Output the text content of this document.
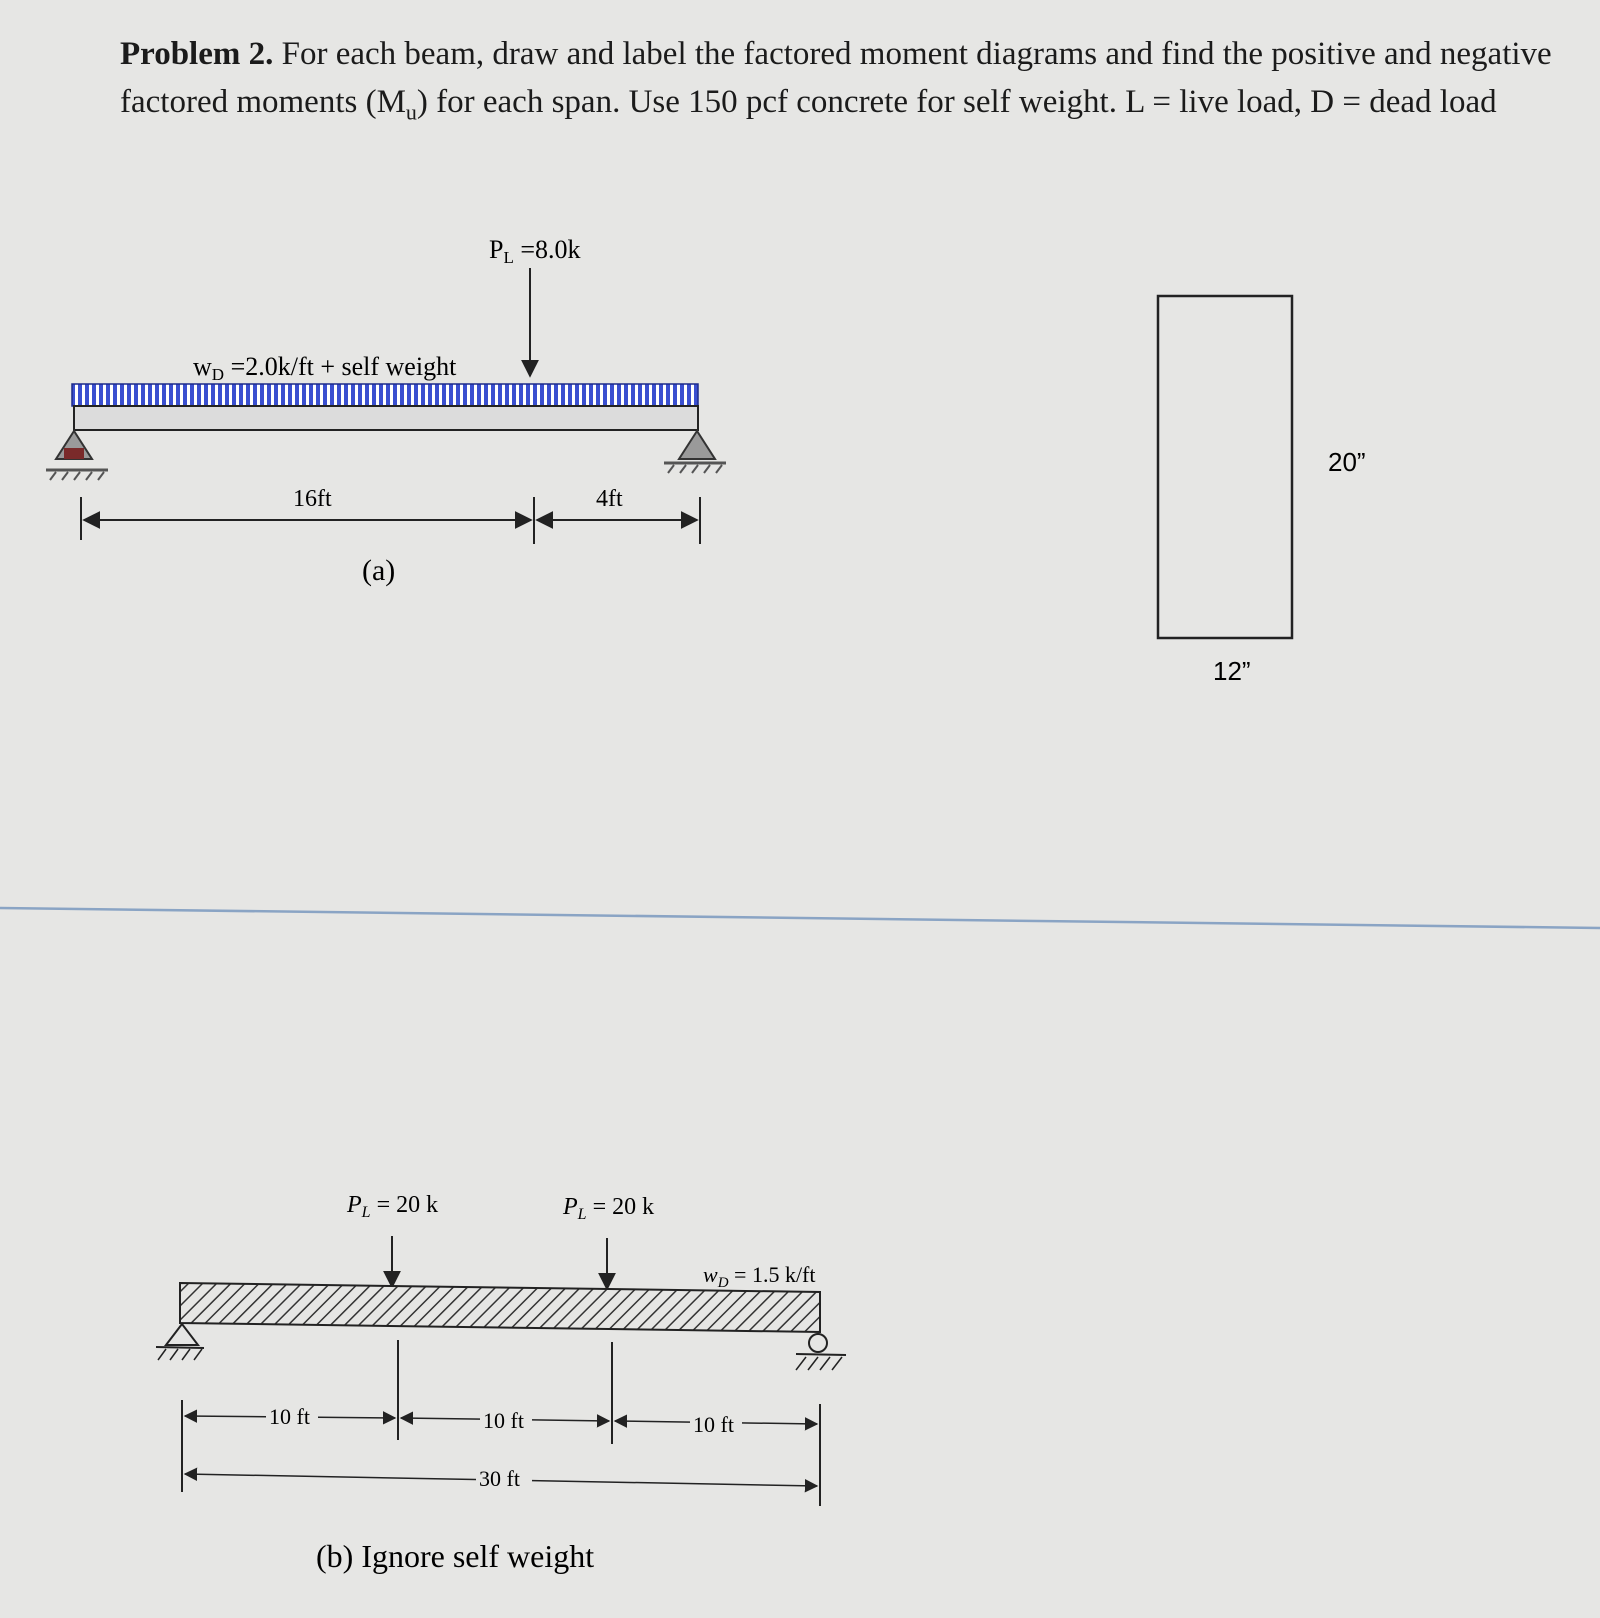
Problem 2. For each beam, draw and label the factored moment diagrams and find the positive and negative factored moments $(M_u)$ for each span. Use 150 pcf concrete for self weight. L = live load, D = dead load
PL =8.0k
wD =2.0k/ft + self weight
16ft	4ft
(a)
20”
12”
$P_L = 20$ k	$P_L = 20$ k
$w_D = 1.5$ k/ft
10 ft	10 ft	10 ft
30 ft
(b) Ignore self weight
